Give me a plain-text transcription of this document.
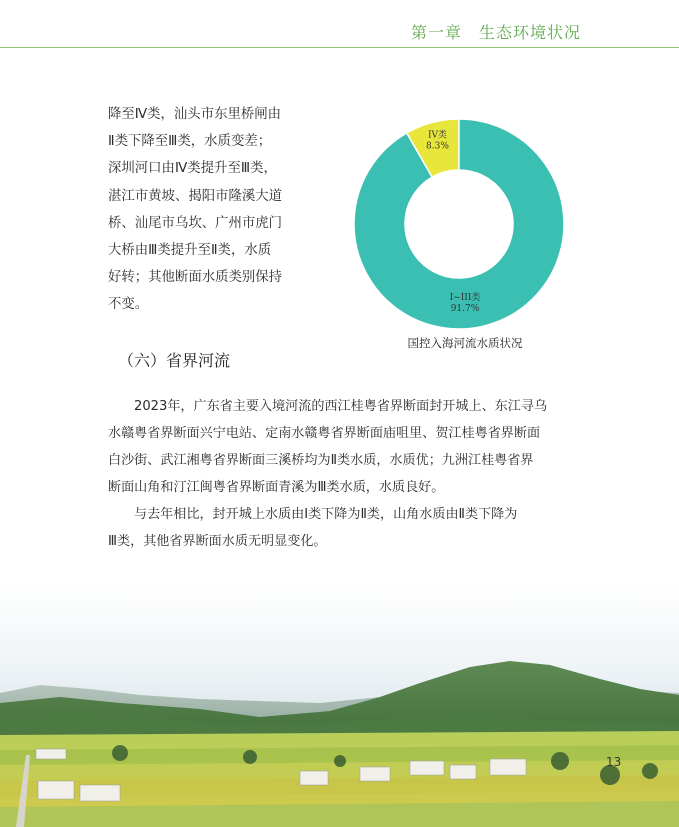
第一章　生态环境状况
降至Ⅳ类，汕头市东里桥闸由
Ⅱ类下降至Ⅲ类，水质变差；
深圳河口由Ⅳ类提升至Ⅲ类，
湛江市黄坡、揭阳市隆溪大道
桥、汕尾市乌坎、广州市虎门
大桥由Ⅲ类提升至Ⅱ类，水质
好转；其他断面水质类别保持
不变。
IV类
8.3%
I~III类
91.7%
国控入海河流水质状况
（六）省界河流
2023年，广东省主要入境河流的西江桂粤省界断面封开城上、东江寻乌
水赣粤省界断面兴宁电站、定南水赣粤省界断面庙咀里、贺江桂粤省界断面
白沙街、武江湘粤省界断面三溪桥均为Ⅱ类水质，水质优；九洲江桂粤省界
断面山角和汀江闽粤省界断面青溪为Ⅲ类水质，水质良好。
与去年相比，封开城上水质由Ⅰ类下降为Ⅱ类，山角水质由Ⅱ类下降为
Ⅲ类，其他省界断面水质无明显变化。
13
